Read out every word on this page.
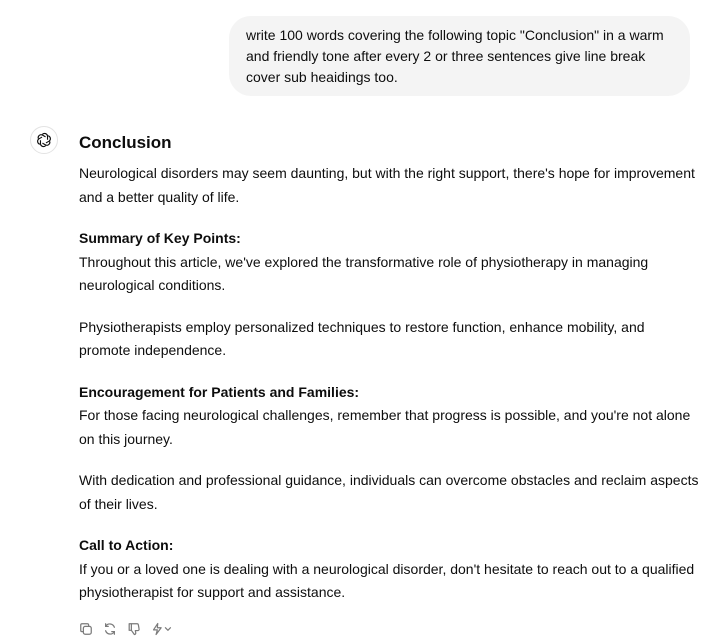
write 100 words covering the following topic "Conclusion" in a warm and friendly tone after every 2 or three sentences give line break cover sub heaidings too.
Conclusion

Neurological disorders may seem daunting, but with the right support, there's hope for improvement and a better quality of life.

Summary of Key Points:
Throughout this article, we've explored the transformative role of physiotherapy in managing neurological conditions.

Physiotherapists employ personalized techniques to restore function, enhance mobility, and promote independence.

Encouragement for Patients and Families:
For those facing neurological challenges, remember that progress is possible, and you're not alone on this journey.

With dedication and professional guidance, individuals can overcome obstacles and reclaim aspects of their lives.

Call to Action:
If you or a loved one is dealing with a neurological disorder, don't hesitate to reach out to a qualified physiotherapist for support and assistance.
